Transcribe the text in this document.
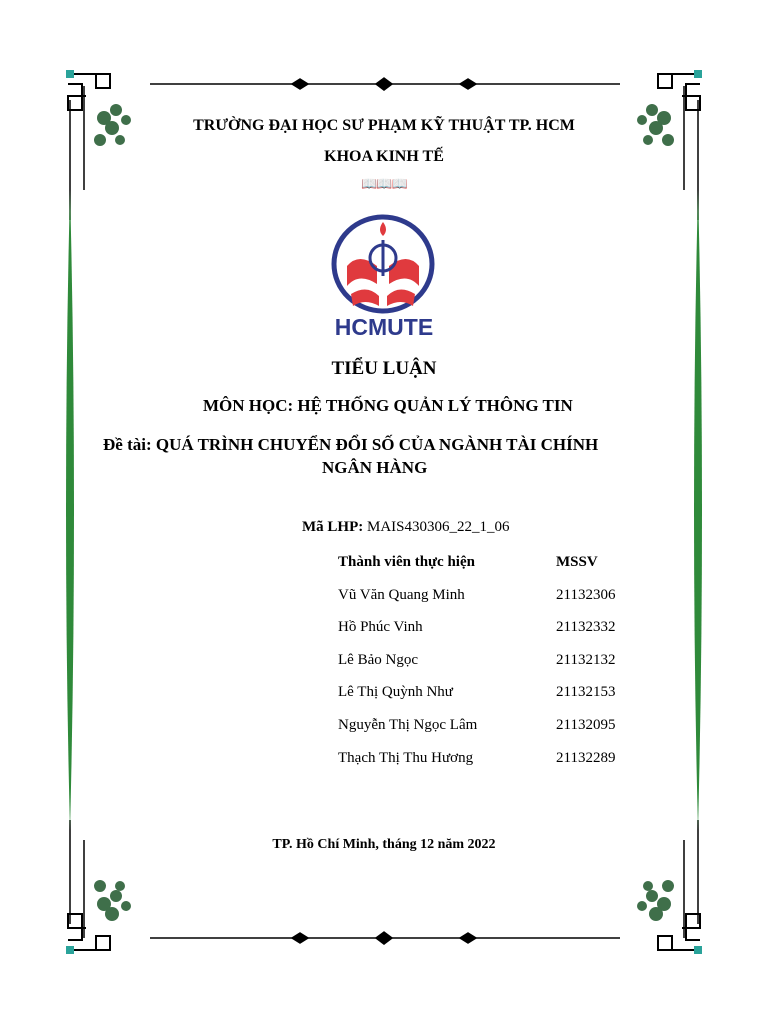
TRƯỜNG ĐẠI HỌC SƯ PHẠM KỸ THUẬT TP. HCM
KHOA KINH TẾ
📖📖📖
HCMUTE
TIỂU LUẬN
MÔN HỌC: HỆ THỐNG QUẢN LÝ THÔNG TIN
Đề tài: QUÁ TRÌNH CHUYỂN ĐỔI SỐ CỦA NGÀNH TÀI CHÍNH
NGÂN HÀNG
Mã LHP: MAIS430306_22_1_06
Thành viên thực hiện	MSSV
Vũ Văn Quang Minh	21132306
Hồ Phúc Vinh	21132332
Lê Bảo Ngọc	21132132
Lê Thị Quỳnh Như	21132153
Nguyễn Thị Ngọc Lâm	21132095
Thạch Thị Thu Hương	21132289
TP. Hồ Chí Minh, tháng 12 năm 2022
